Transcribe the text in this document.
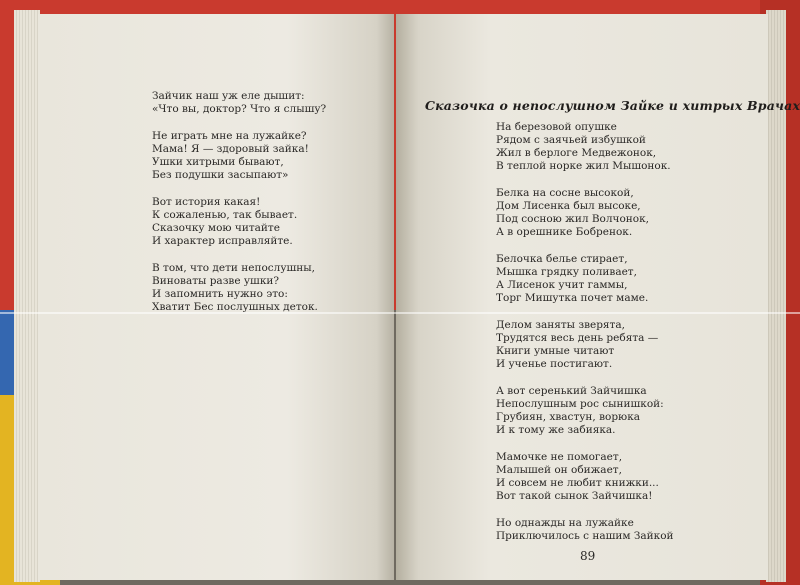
Зайчик наш уж еле дышит:
«Что вы, доктор? Что я слышу?
Не играть мне на лужайке?
Мама! Я — здоровый зайка!
Ушки хитрыми бывают,
Без подушки засыпают»
Вот история какая!
К сожаленью, так бывает.
Сказочку мою читайте
И характер исправляйте.
В том, что дети непослушны,
Виноваты разве ушки?
И запомнить нужно это:
Хватит Бес послушных деток.
Сказочка о непослушном Зайке и хитрых Врачах
На березовой опушке
Рядом с заячьей избушкой
Жил в берлоге Медвежонок,
В теплой норке жил Мышонок.
Белка на сосне высокой,
Дом Лисенка был высоке,
Под сосною жил Волчонок,
А в орешнике Бобренок.
Белочка белье стирает,
Мышка грядку поливает,
А Лисенок учит гаммы,
Торг Мишутка почет маме.
Делом заняты зверята,
Трудятся весь день ребята —
Книги умные читают
И ученье постигают.
А вот серенький Зайчишка
Непослушным рос сынишкой:
Грубиян, хвастун, ворюка
И к тому же забияка.
Мамочке не помогает,
Малышей он обижает,
И совсем не любит книжки...
Вот такой сынок Зайчишка!
Но однажды на лужайке
Приключилось с нашим Зайкой
89
